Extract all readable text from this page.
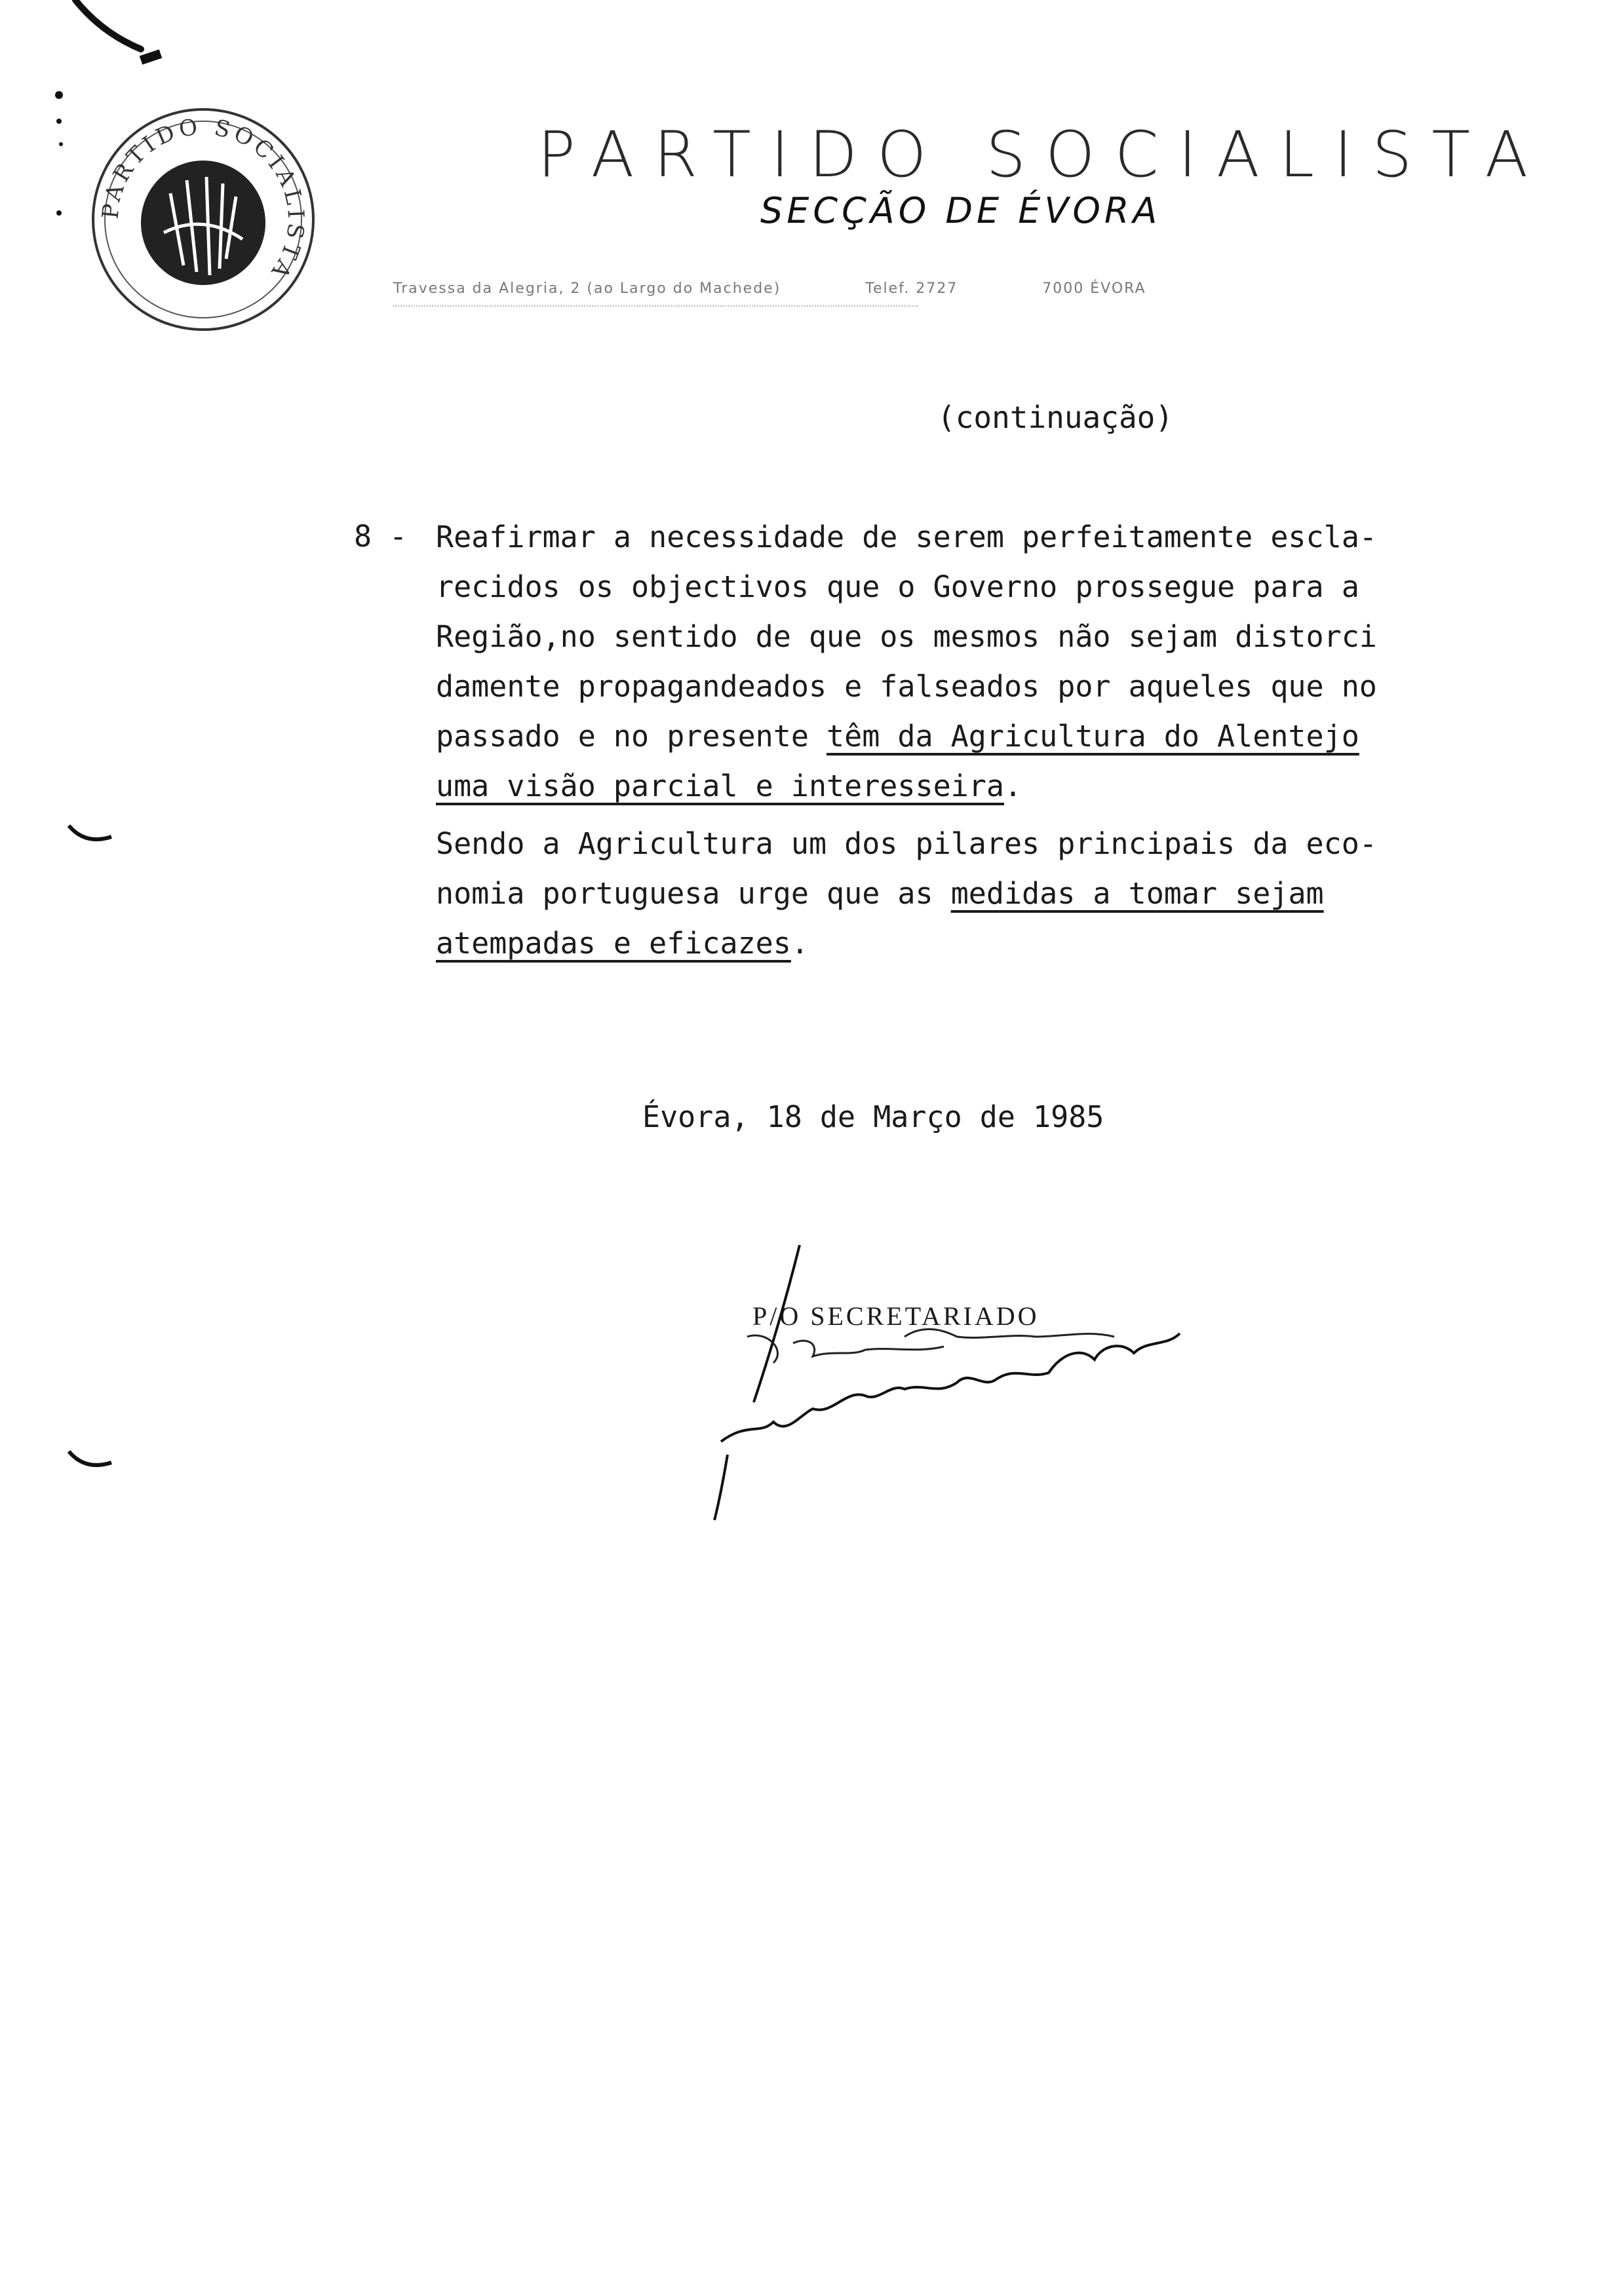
PARTIDO SOCIALISTA
PARTIDO SOCIALISTA
SECÇÃO DE ÉVORA
Travessa da Alegria, 2 (ao Largo do Machede)	Telef. 2727	7000 ÉVORA
(continuação)
8 - Reafirmar a necessidade de serem perfeitamente escla-
recidos os objectivos que o Governo prossegue para a
Região,no sentido de que os mesmos não sejam distorci
damente propagandeados e falseados por aqueles que no
passado e no presente têm da Agricultura do Alentejo
uma visão parcial e interesseira.
Sendo a Agricultura um dos pilares principais da eco-
nomia portuguesa urge que as medidas a tomar sejam
atempadas e eficazes.
Évora, 18 de Março de 1985
P/O SECRETARIADO
